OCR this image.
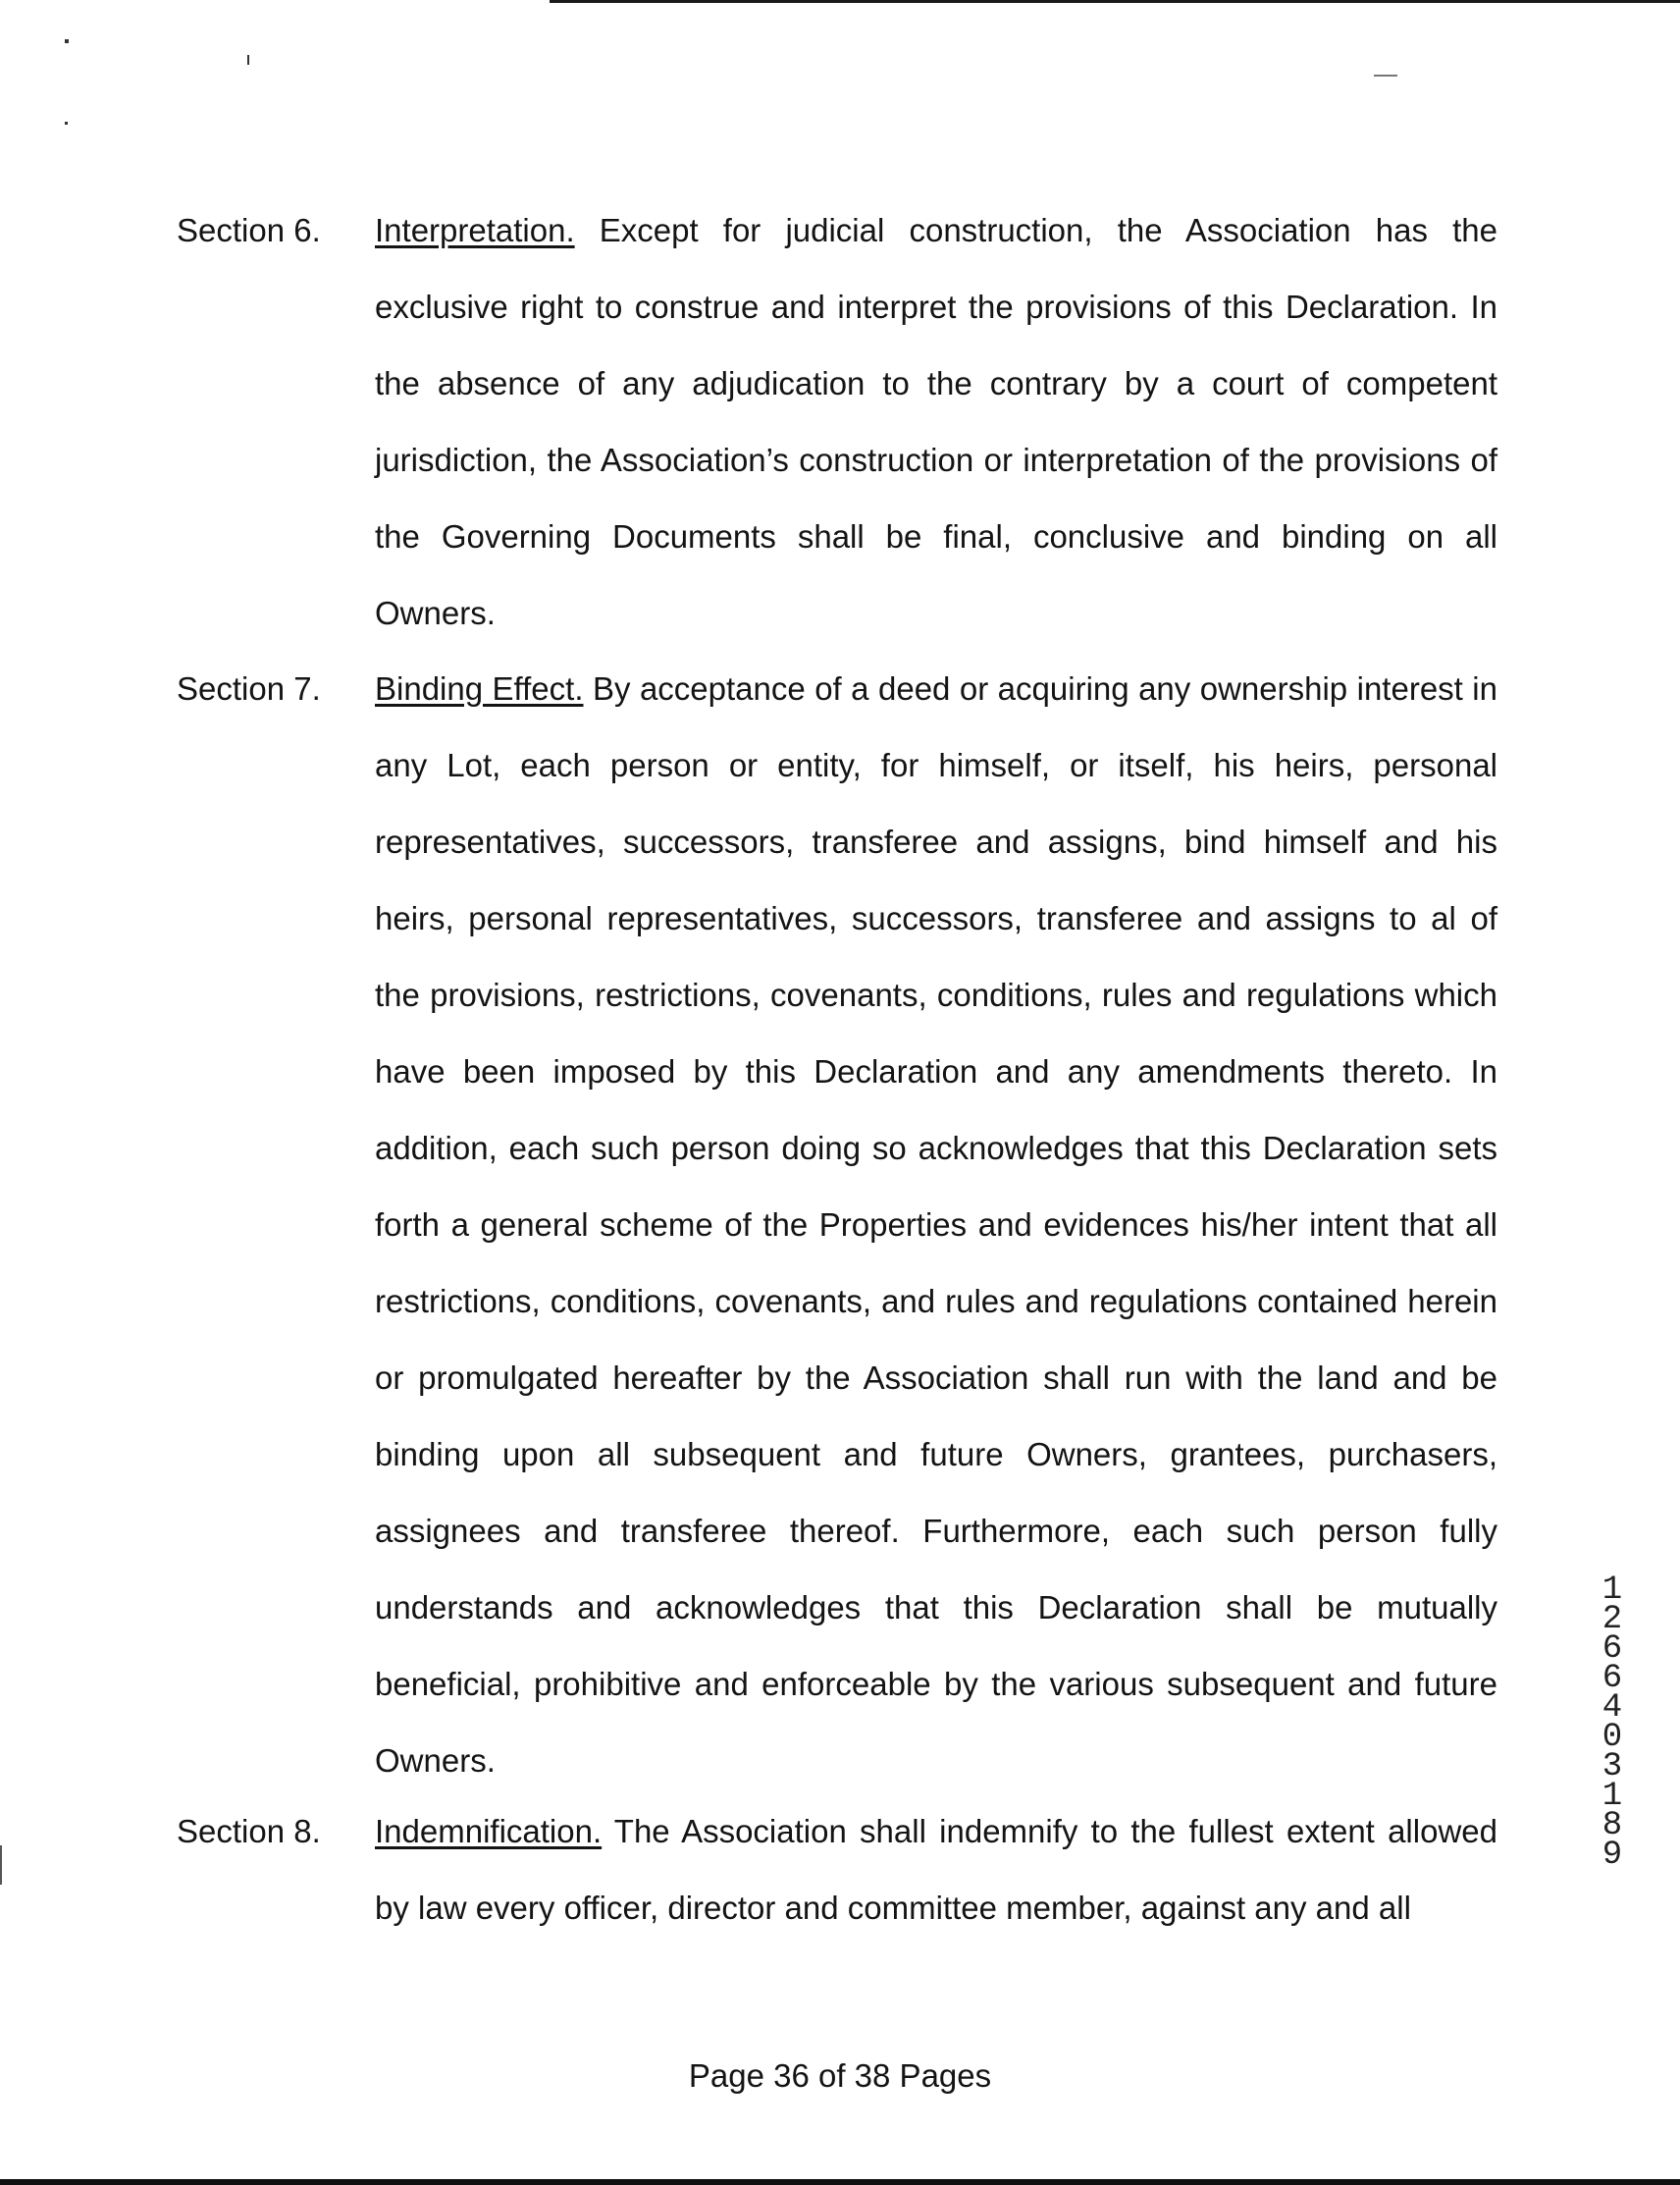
Section 6. Interpretation. Except for judicial construction, the Association has the exclusive right to construe and interpret the provisions of this Declaration. In the absence of any adjudication to the contrary by a court of competent jurisdiction, the Association’s construction or interpretation of the provisions of the Governing Documents shall be final, conclusive and binding on all Owners.
Section 7. Binding Effect. By acceptance of a deed or acquiring any ownership interest in any Lot, each person or entity, for himself, or itself, his heirs, personal representatives, successors, transferee and assigns, bind himself and his heirs, personal representatives, successors, transferee and assigns to al of the provisions, restrictions, covenants, conditions, rules and regulations which have been imposed by this Declaration and any amendments thereto. In addition, each such person doing so acknowledges that this Declaration sets forth a general scheme of the Properties and evidences his/her intent that all restrictions, conditions, covenants, and rules and regulations contained herein or promulgated hereafter by the Association shall run with the land and be binding upon all subsequent and future Owners, grantees, purchasers, assignees and transferee thereof. Furthermore, each such person fully understands and acknowledges that this Declaration shall be mutually beneficial, prohibitive and enforceable by the various subsequent and future Owners.
Section 8. Indemnification. The Association shall indemnify to the fullest extent allowed by law every officer, director and committee member, against any and all
12664 03189
Page 36 of 38 Pages
